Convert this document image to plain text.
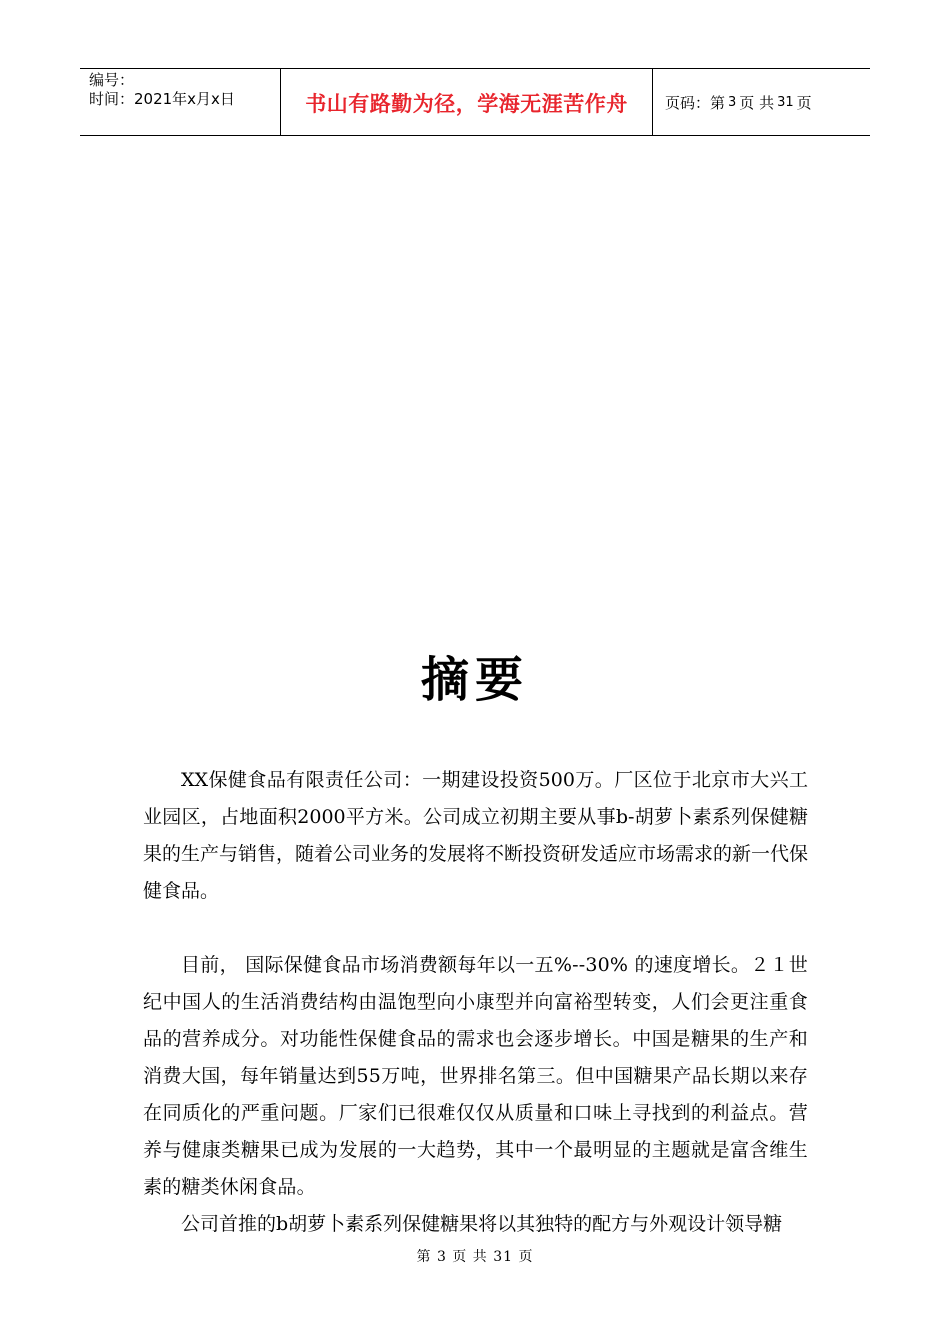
编号：
时间：2021年x月x日	书山有路勤为径，学海无涯苦作舟 页码：第 3 页 共 31 页
摘要

XX保健食品有限责任公司：一期建设投资500万。厂区位于北京市大兴工业园区，占地面积2000平方米。公司成立初期主要从事b-胡萝卜素系列保健糖果的生产与销售，随着公司业务的发展将不断投资研发适应市场需求的新一代保健食品。

目前， 国际保健食品市场消费额每年以一五%--30% 的速度增长。２１世纪中国人的生活消费结构由温饱型向小康型并向富裕型转变，人们会更注重食品的营养成分。对功能性保健食品的需求也会逐步增长。中国是糖果的生产和消费大国，每年销量达到55万吨，世界排名第三。但中国糖果产品长期以来存在同质化的严重问题。厂家们已很难仅仅从质量和口味上寻找到的利益点。营养与健康类糖果已成为发展的一大趋势，其中一个最明显的主题就是富含维生素的糖类休闲食品。

公司首推的b胡萝卜素系列保健糖果将以其独特的配方与外观设计领导糖

第 3 页 共 31 页
